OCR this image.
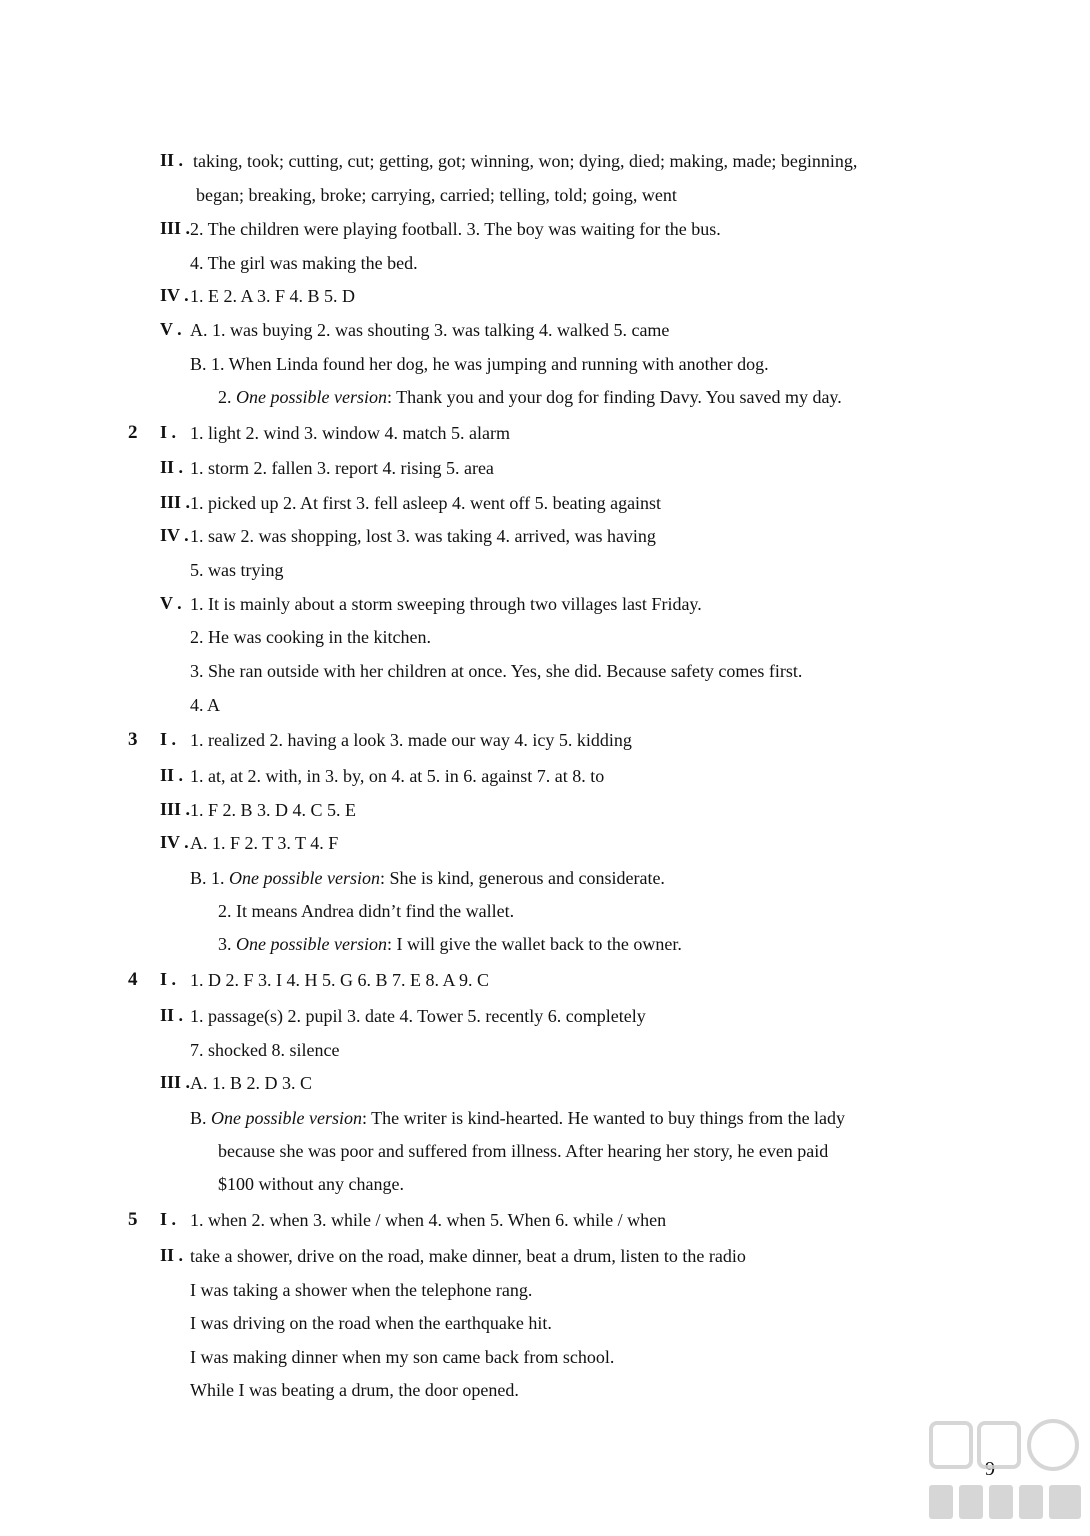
II . taking, took; cutting, cut; getting, got; winning, won; dying, died; making, made; beginning,
began; breaking, broke; carrying, carried; telling, told; going, went
III . 2. The children were playing football. 3. The boy was waiting for the bus.
4. The girl was making the bed.
IV . 1. E 2. A 3. F 4. B 5. D
V . A. 1. was buying 2. was shouting 3. was talking 4. walked 5. came
B. 1. When Linda found her dog, he was jumping and running with another dog.
2. One possible version: Thank you and your dog for finding Davy. You saved my day.
2 I . 1. light 2. wind 3. window 4. match 5. alarm
II . 1. storm 2. fallen 3. report 4. rising 5. area
III . 1. picked up 2. At first 3. fell asleep 4. went off 5. beating against
IV . 1. saw 2. was shopping, lost 3. was taking 4. arrived, was having
5. was trying
V . 1. It is mainly about a storm sweeping through two villages last Friday.
2. He was cooking in the kitchen.
3. She ran outside with her children at once. Yes, she did. Because safety comes first.
4. A
3 I . 1. realized 2. having a look 3. made our way 4. icy 5. kidding
II . 1. at, at 2. with, in 3. by, on 4. at 5. in 6. against 7. at 8. to
III . 1. F 2. B 3. D 4. C 5. E
IV . A. 1. F 2. T 3. T 4. F
B. 1. One possible version: She is kind, generous and considerate.
2. It means Andrea didn’t find the wallet.
3. One possible version: I will give the wallet back to the owner.
4 I . 1. D 2. F 3. I 4. H 5. G 6. B 7. E 8. A 9. C
II . 1. passage(s) 2. pupil 3. date 4. Tower 5. recently 6. completely
7. shocked 8. silence
III . A. 1. B 2. D 3. C
B. One possible version: The writer is kind-hearted. He wanted to buy things from the lady
because she was poor and suffered from illness. After hearing her story, he even paid
$100 without any change.
5 I . 1. when 2. when 3. while / when 4. when 5. When 6. while / when
II . take a shower, drive on the road, make dinner, beat a drum, listen to the radio
I was taking a shower when the telephone rang.
I was driving on the road when the earthquake hit.
I was making dinner when my son came back from school.
While I was beating a drum, the door opened.
9
